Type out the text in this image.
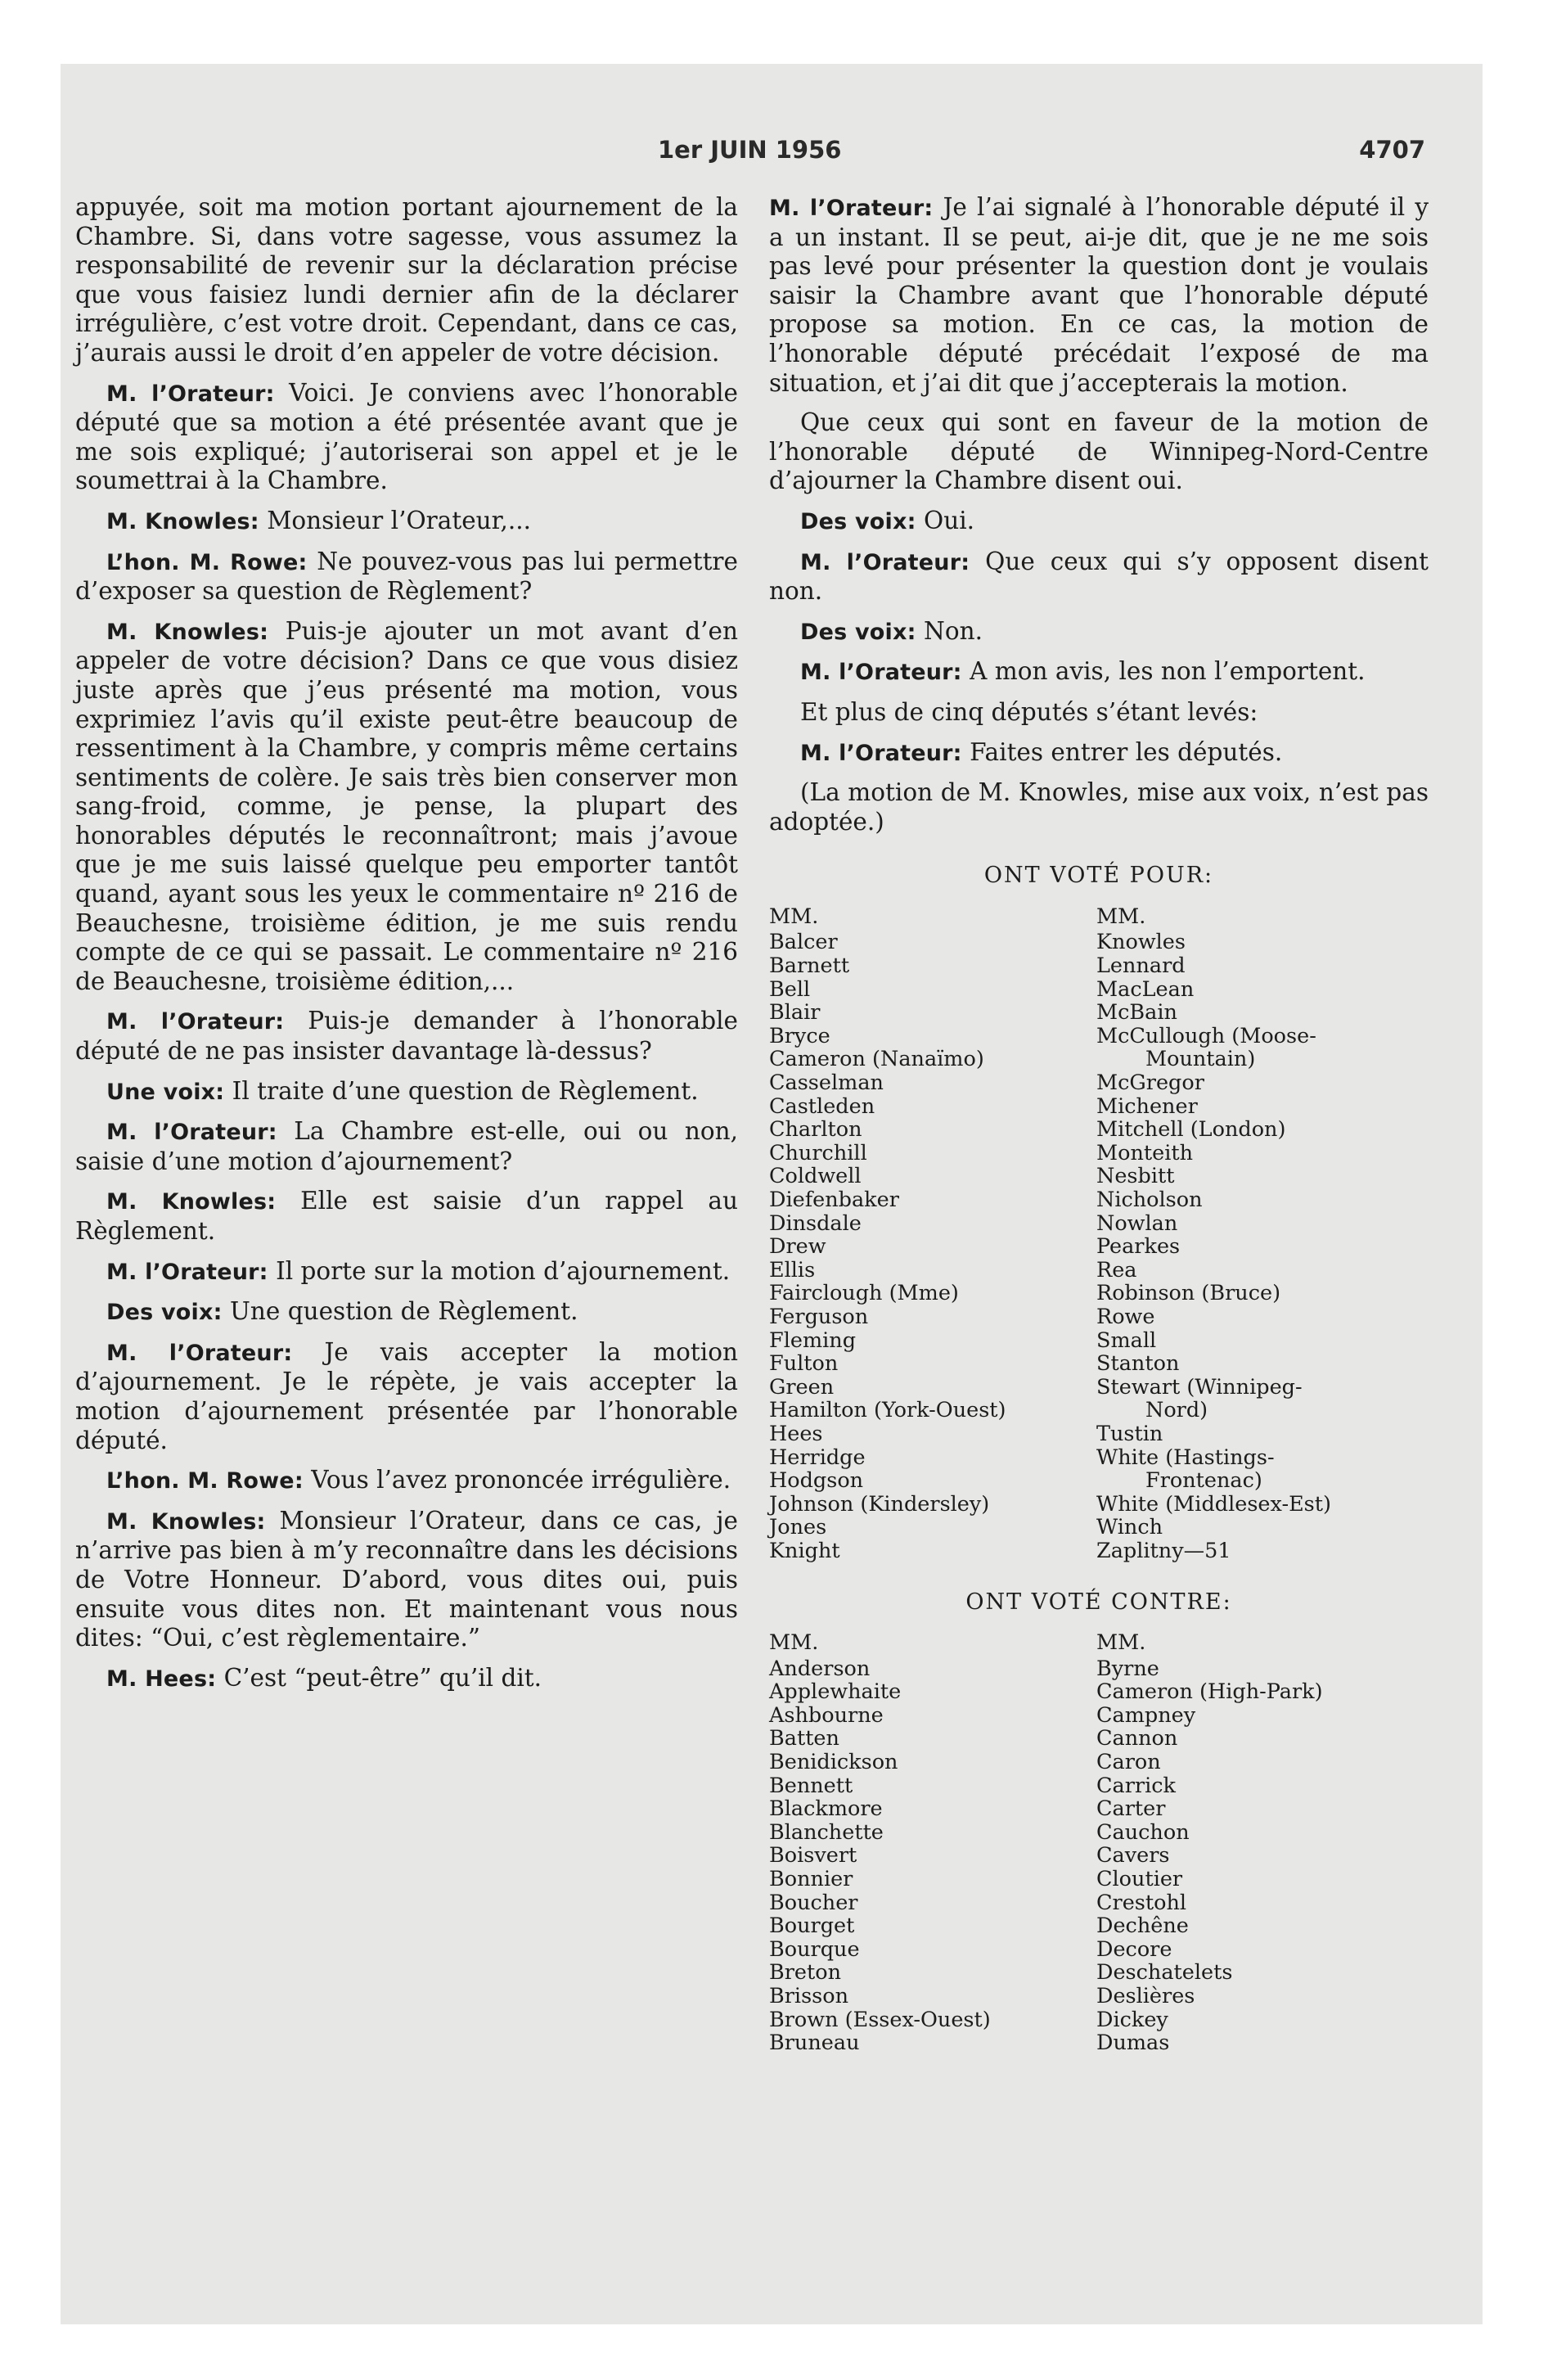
1er JUIN 1956	4707

appuyée, soit ma motion portant ajournement de la Chambre. Si, dans votre sagesse, vous assumez la responsabilité de revenir sur la déclaration précise que vous faisiez lundi dernier afin de la déclarer irrégulière, c’est votre droit. Cependant, dans ce cas, j’aurais aussi le droit d’en appeler de votre décision.

M. l’Orateur: Voici. Je conviens avec l’honorable député que sa motion a été présentée avant que je me sois expliqué; j’autoriserai son appel et je le soumettrai à la Chambre.

M. Knowles: Monsieur l’Orateur,...

L’hon. M. Rowe: Ne pouvez-vous pas lui permettre d’exposer sa question de Règlement?

M. Knowles: Puis-je ajouter un mot avant d’en appeler de votre décision? Dans ce que vous disiez juste après que j’eus présenté ma motion, vous exprimiez l’avis qu’il existe peut-être beaucoup de ressentiment à la Chambre, y compris même certains sentiments de colère. Je sais très bien conserver mon sang-froid, comme, je pense, la plupart des honorables députés le reconnaîtront; mais j’avoue que je me suis laissé quelque peu emporter tantôt quand, ayant sous les yeux le commentaire nº 216 de Beauchesne, troisième édition, je me suis rendu compte de ce qui se passait. Le commentaire nº 216 de Beauchesne, troisième édition,...

M. l’Orateur: Puis-je demander à l’honorable député de ne pas insister davantage là-dessus?

Une voix: Il traite d’une question de Règlement.

M. l’Orateur: La Chambre est-elle, oui ou non, saisie d’une motion d’ajournement?

M. Knowles: Elle est saisie d’un rappel au Règlement.

M. l’Orateur: Il porte sur la motion d’ajournement.

Des voix: Une question de Règlement.

M. l’Orateur: Je vais accepter la motion d’ajournement. Je le répète, je vais accepter la motion d’ajournement présentée par l’honorable député.

L’hon. M. Rowe: Vous l’avez prononcée irrégulière.

M. Knowles: Monsieur l’Orateur, dans ce cas, je n’arrive pas bien à m’y reconnaître dans les décisions de Votre Honneur. D’abord, vous dites oui, puis ensuite vous dites non. Et maintenant vous nous dites: “Oui, c’est règlementaire.”

M. Hees: C’est “peut-être” qu’il dit.

M. l’Orateur: Je l’ai signalé à l’honorable député il y a un instant. Il se peut, ai-je dit, que je ne me sois pas levé pour présenter la question dont je voulais saisir la Chambre avant que l’honorable député propose sa motion. En ce cas, la motion de l’honorable député précédait l’exposé de ma situation, et j’ai dit que j’accepterais la motion.

Que ceux qui sont en faveur de la motion de l’honorable député de Winnipeg-Nord-Centre d’ajourner la Chambre disent oui.

Des voix: Oui.

M. l’Orateur: Que ceux qui s’y opposent disent non.

Des voix: Non.

M. l’Orateur: A mon avis, les non l’emportent.

Et plus de cinq députés s’étant levés:

M. l’Orateur: Faites entrer les députés.

(La motion de M. Knowles, mise aux voix, n’est pas adoptée.)

ONT VOTÉ POUR:
MM.
Balcer
Barnett
Bell
Blair
Bryce
Cameron (Nanaïmo)
Casselman
Castleden
Charlton
Churchill
Coldwell
Diefenbaker
Dinsdale
Drew
Ellis
Fairclough (Mme)
Ferguson
Fleming
Fulton
Green
Hamilton (York-Ouest)
Hees
Herridge
Hodgson
Johnson (Kindersley)
Jones
Knight
MM.
Knowles
Lennard
MacLean
McBain
McCullough (Moose-
Mountain)
McGregor
Michener
Mitchell (London)
Monteith
Nesbitt
Nicholson
Nowlan
Pearkes
Rea
Robinson (Bruce)
Rowe
Small
Stanton
Stewart (Winnipeg-
Nord)
Tustin
White (Hastings-
Frontenac)
White (Middlesex-Est)
Winch
Zaplitny—51
ONT VOTÉ CONTRE:
MM.
Anderson
Applewhaite
Ashbourne
Batten
Benidickson
Bennett
Blackmore
Blanchette
Boisvert
Bonnier
Boucher
Bourget
Bourque
Breton
Brisson
Brown (Essex-Ouest)
Bruneau
MM.
Byrne
Cameron (High-Park)
Campney
Cannon
Caron
Carrick
Carter
Cauchon
Cavers
Cloutier
Crestohl
Dechêne
Decore
Deschatelets
Deslières
Dickey
Dumas
